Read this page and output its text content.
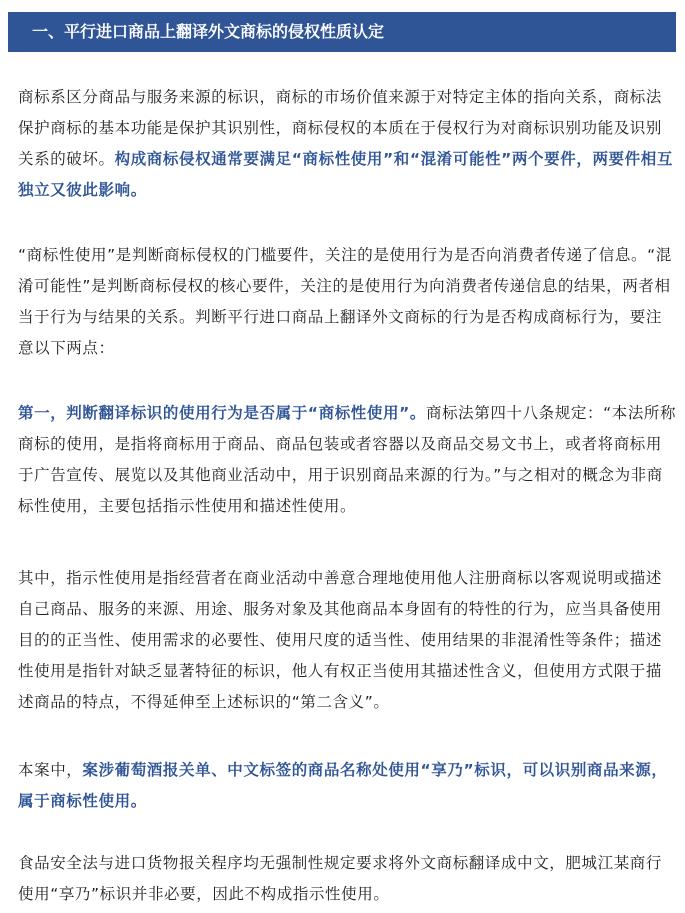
一、平行进口商品上翻译外文商标的侵权性质认定

商标系区分商品与服务来源的标识，商标的市场价值来源于对特定主体的指向关系，商标法保护商标的基本功能是保护其识别性，商标侵权的本质在于侵权行为对商标识别功能及识别关系的破坏。构成商标侵权通常要满足“商标性使用”和“混淆可能性”两个要件，两要件相互独立又彼此影响。

“商标性使用”是判断商标侵权的门槛要件，关注的是使用行为是否向消费者传递了信息。“混淆可能性”是判断商标侵权的核心要件，关注的是使用行为向消费者传递信息的结果，两者相当于行为与结果的关系。判断平行进口商品上翻译外文商标的行为是否构成商标行为，要注意以下两点：

第一，判断翻译标识的使用行为是否属于“商标性使用”。商标法第四十八条规定：“本法所称商标的使用，是指将商标用于商品、商品包装或者容器以及商品交易文书上，或者将商标用于广告宣传、展览以及其他商业活动中，用于识别商品来源的行为。”与之相对的概念为非商标性使用，主要包括指示性使用和描述性使用。

其中，指示性使用是指经营者在商业活动中善意合理地使用他人注册商标以客观说明或描述自己商品、服务的来源、用途、服务对象及其他商品本身固有的特性的行为，应当具备使用目的的正当性、使用需求的必要性、使用尺度的适当性、使用结果的非混淆性等条件；描述性使用是指针对缺乏显著特征的标识，他人有权正当使用其描述性含义，但使用方式限于描述商品的特点，不得延伸至上述标识的“第二含义”。

本案中，案涉葡萄酒报关单、中文标签的商品名称处使用“享乃”标识，可以识别商品来源，属于商标性使用。

食品安全法与进口货物报关程序均无强制性规定要求将外文商标翻译成中文，肥城江某商行使用“享乃”标识并非必要，因此不构成指示性使用。
